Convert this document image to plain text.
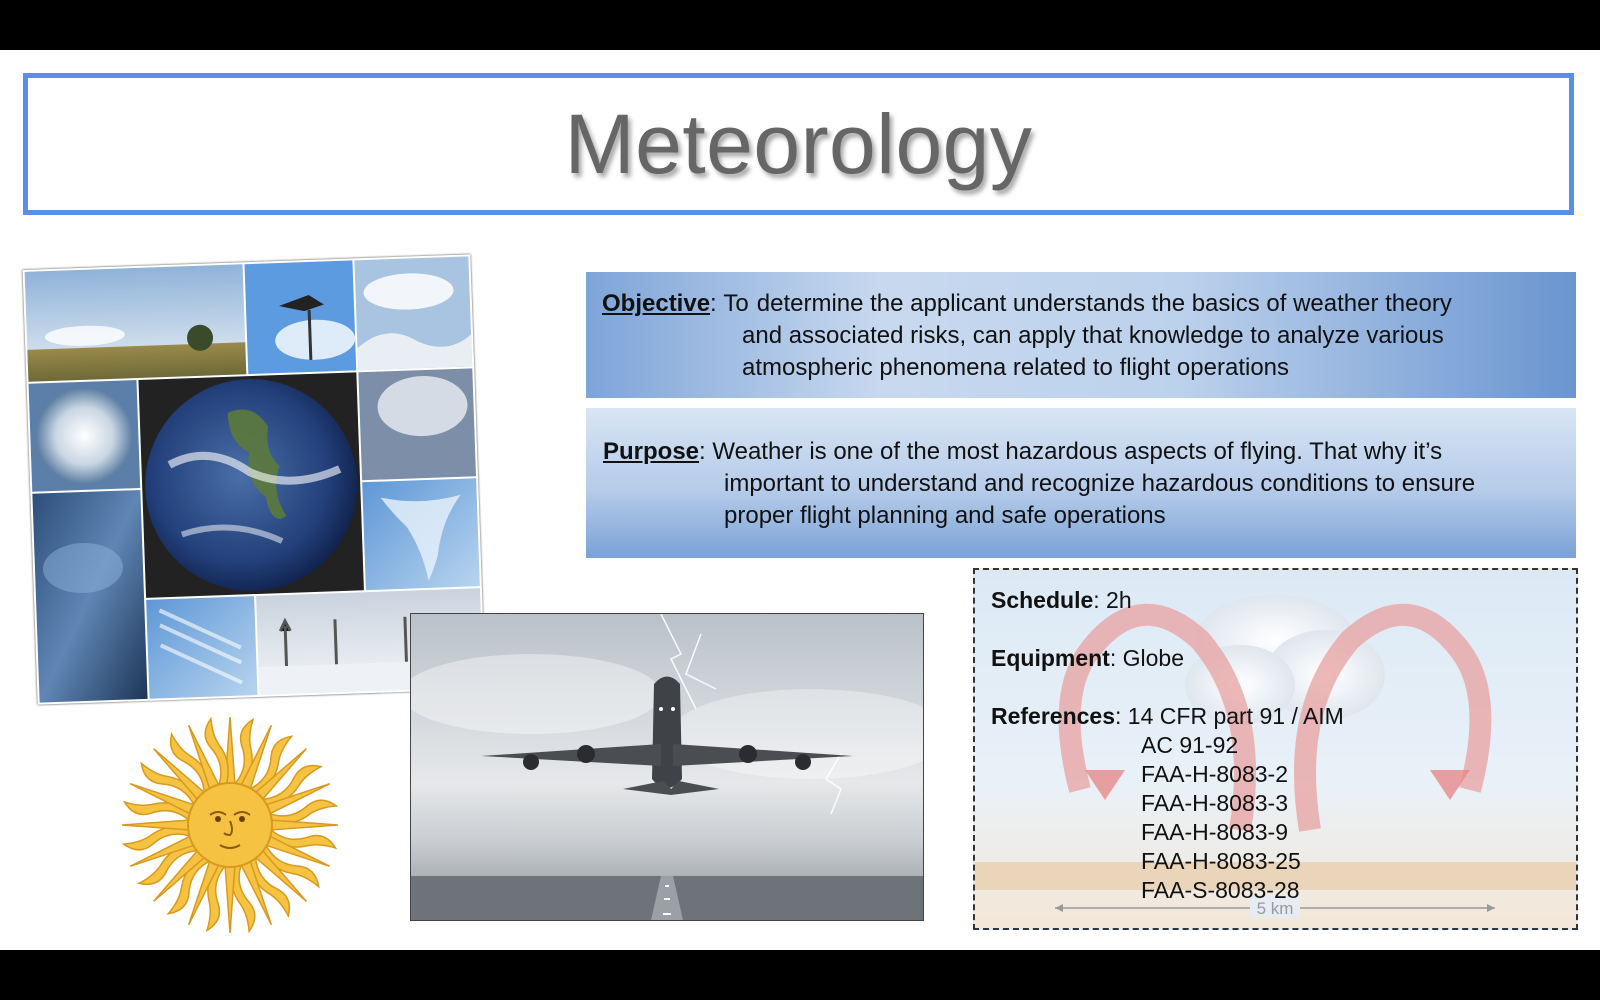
Meteorology
Objective : To determine the applicant understands the basics of weather theory
and associated risks, can apply that knowledge to analyze various
atmospheric phenomena related to flight operations
Purpose : Weather is one of the most hazardous aspects of flying. That why it’s
important to understand and recognize hazardous conditions to ensure
proper flight planning and safe operations
5 km
Schedule : 2h
Equipment : Globe
References : 14 CFR part 91 / AIM
AC 91-92
FAA-H-8083-2
FAA-H-8083-3
FAA-H-8083-9
FAA-H-8083-25
FAA-S-8083-28
